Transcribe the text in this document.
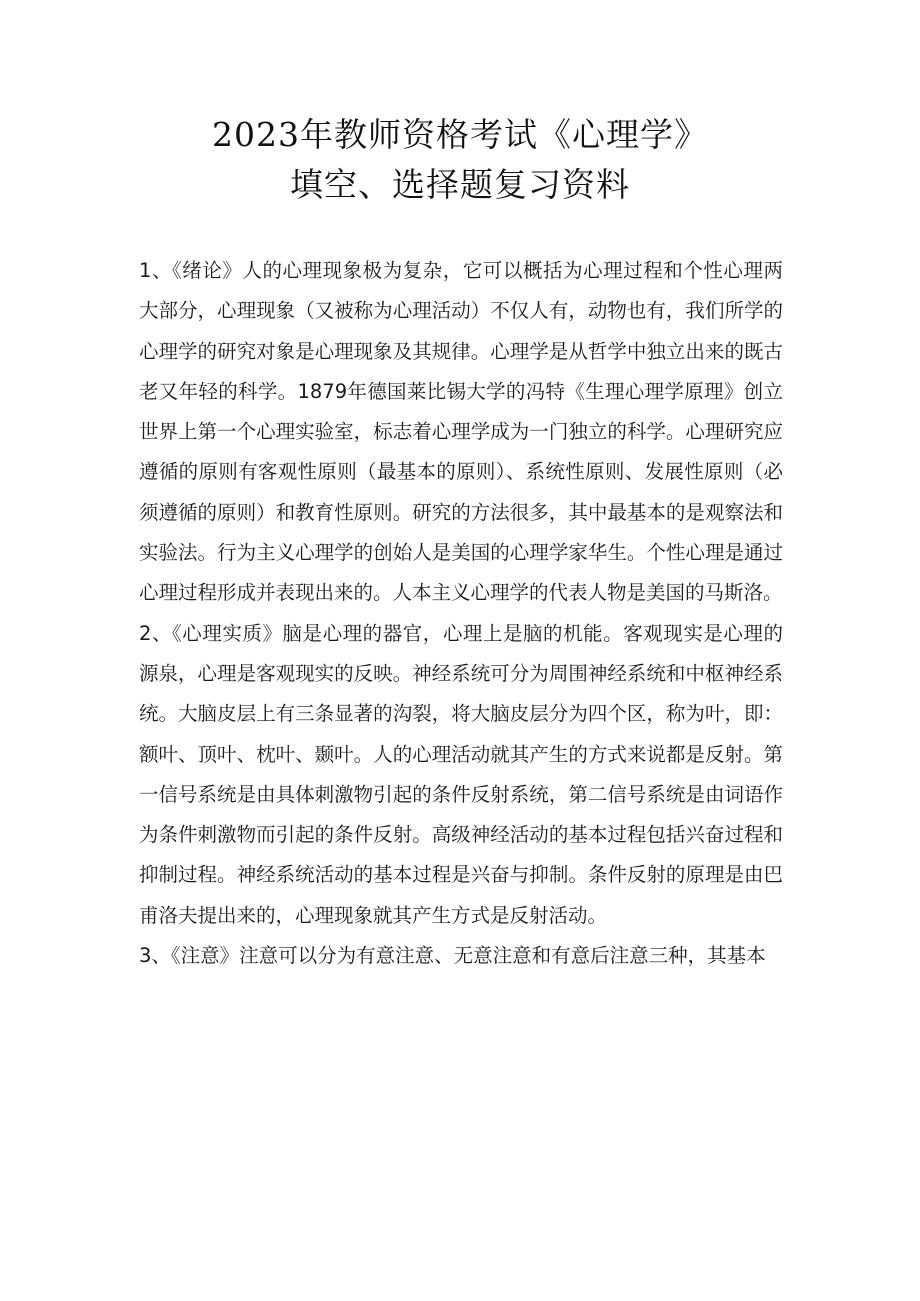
2023年教师资格考试《心理学》
填空、选择题复习资料

1、《绪论》人的心理现象极为复杂，它可以概括为心理过程和个性心理两大部分，心理现象（又被称为心理活动）不仅人有，动物也有，我们所学的心理学的研究对象是心理现象及其规律。心理学是从哲学中独立出来的既古老又年轻的科学。1879年德国莱比锡大学的冯特《生理心理学原理》创立世界上第一个心理实验室，标志着心理学成为一门独立的科学。心理研究应遵循的原则有客观性原则（最基本的原则）、系统性原则、发展性原则（必须遵循的原则）和教育性原则。研究的方法很多，其中最基本的是观察法和实验法。行为主义心理学的创始人是美国的心理学家华生。个性心理是通过心理过程形成并表现出来的。人本主义心理学的代表人物是美国的马斯洛。

2、《心理实质》脑是心理的器官，心理上是脑的机能。客观现实是心理的源泉，心理是客观现实的反映。神经系统可分为周围神经系统和中枢神经系统。大脑皮层上有三条显著的沟裂，将大脑皮层分为四个区，称为叶，即：额叶、顶叶、枕叶、颞叶。人的心理活动就其产生的方式来说都是反射。第一信号系统是由具体刺激物引起的条件反射系统，第二信号系统是由词语作为条件刺激物而引起的条件反射。高级神经活动的基本过程包括兴奋过程和抑制过程。神经系统活动的基本过程是兴奋与抑制。条件反射的原理是由巴甫洛夫提出来的，心理现象就其产生方式是反射活动。

3、《注意》注意可以分为有意注意、无意注意和有意后注意三种，其基本
